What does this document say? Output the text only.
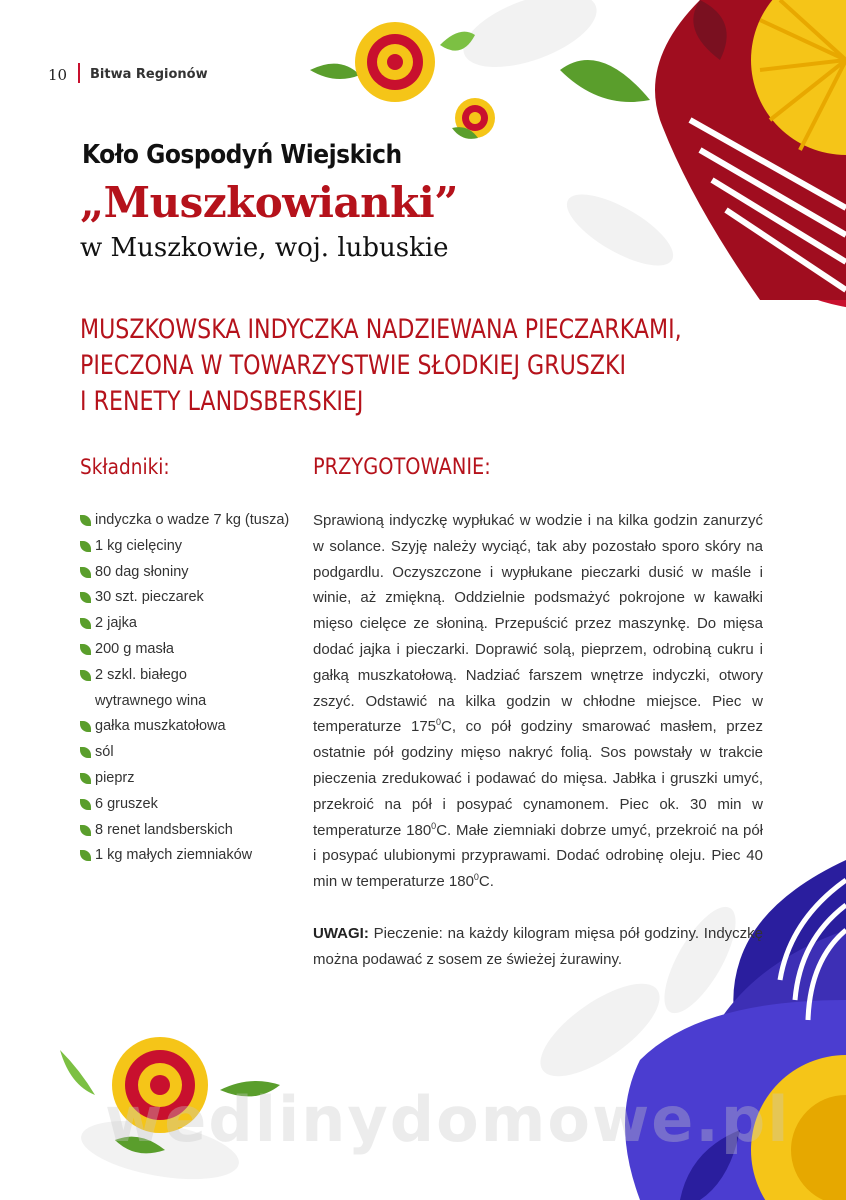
10 Bitwa Regionów
Koło Gospodyń Wiejskich
„Muszkowianki”
w Muszkowie, woj. lubuskie
MUSZKOWSKA INDYCZKA NADZIEWANA PIECZARKAMI,
PIECZONA W TOWARZYSTWIE SŁODKIEJ GRUSZKI
I RENETY LANDSBERSKIEJ
Składniki:	PRZYGOTOWANIE:
indyczka o wadze 7 kg (tusza)
1 kg cielęciny
80 dag słoniny
30 szt. pieczarek
2 jajka
200 g masła
2 szkl. białego
wytrawnego wina
gałka muszkatołowa
sól
pieprz
6 gruszek
8 renet landsberskich
1 kg małych ziemniaków

Sprawioną indyczkę wypłukać w wodzie i na kilka godzin zanurzyć w solance. Szyję należy wyciąć, tak aby pozostało sporo skóry na podgardlu. Oczyszczone i wypłukane pieczarki dusić w maśle i winie, aż zmiękną. Oddzielnie podsmażyć pokrojone w kawałki mięso cielęce ze słoniną. Przepuścić przez maszynkę. Do mięsa dodać jajka i pieczarki. Doprawić solą, pieprzem, odrobiną cukru i gałką muszkatołową. Nadziać farszem wnętrze indyczki, otwory zszyć. Odstawić na kilka godzin w chłodne miejsce. Piec w temperaturze $175^0C$, co pół godziny smarować masłem, przez ostatnie pół godziny mięso nakryć folią. Sos powstały w trakcie pieczenia zredukować i podawać do mięsa. Jabłka i gruszki umyć, przekroić na pół i posypać cynamonem. Piec ok. 30 min w temperaturze $180^0C$. Małe ziemniaki dobrze umyć, przekroić na pół i posypać ulubionymi przyprawami. Dodać odrobinę oleju. Piec 40 min w temperaturze $180^0C$.

UWAGI: Pieczenie: na każdy kilogram mięsa pół godziny. Indyczkę można podawać z sosem ze świeżej żurawiny.

wedlinydomowe.pl
